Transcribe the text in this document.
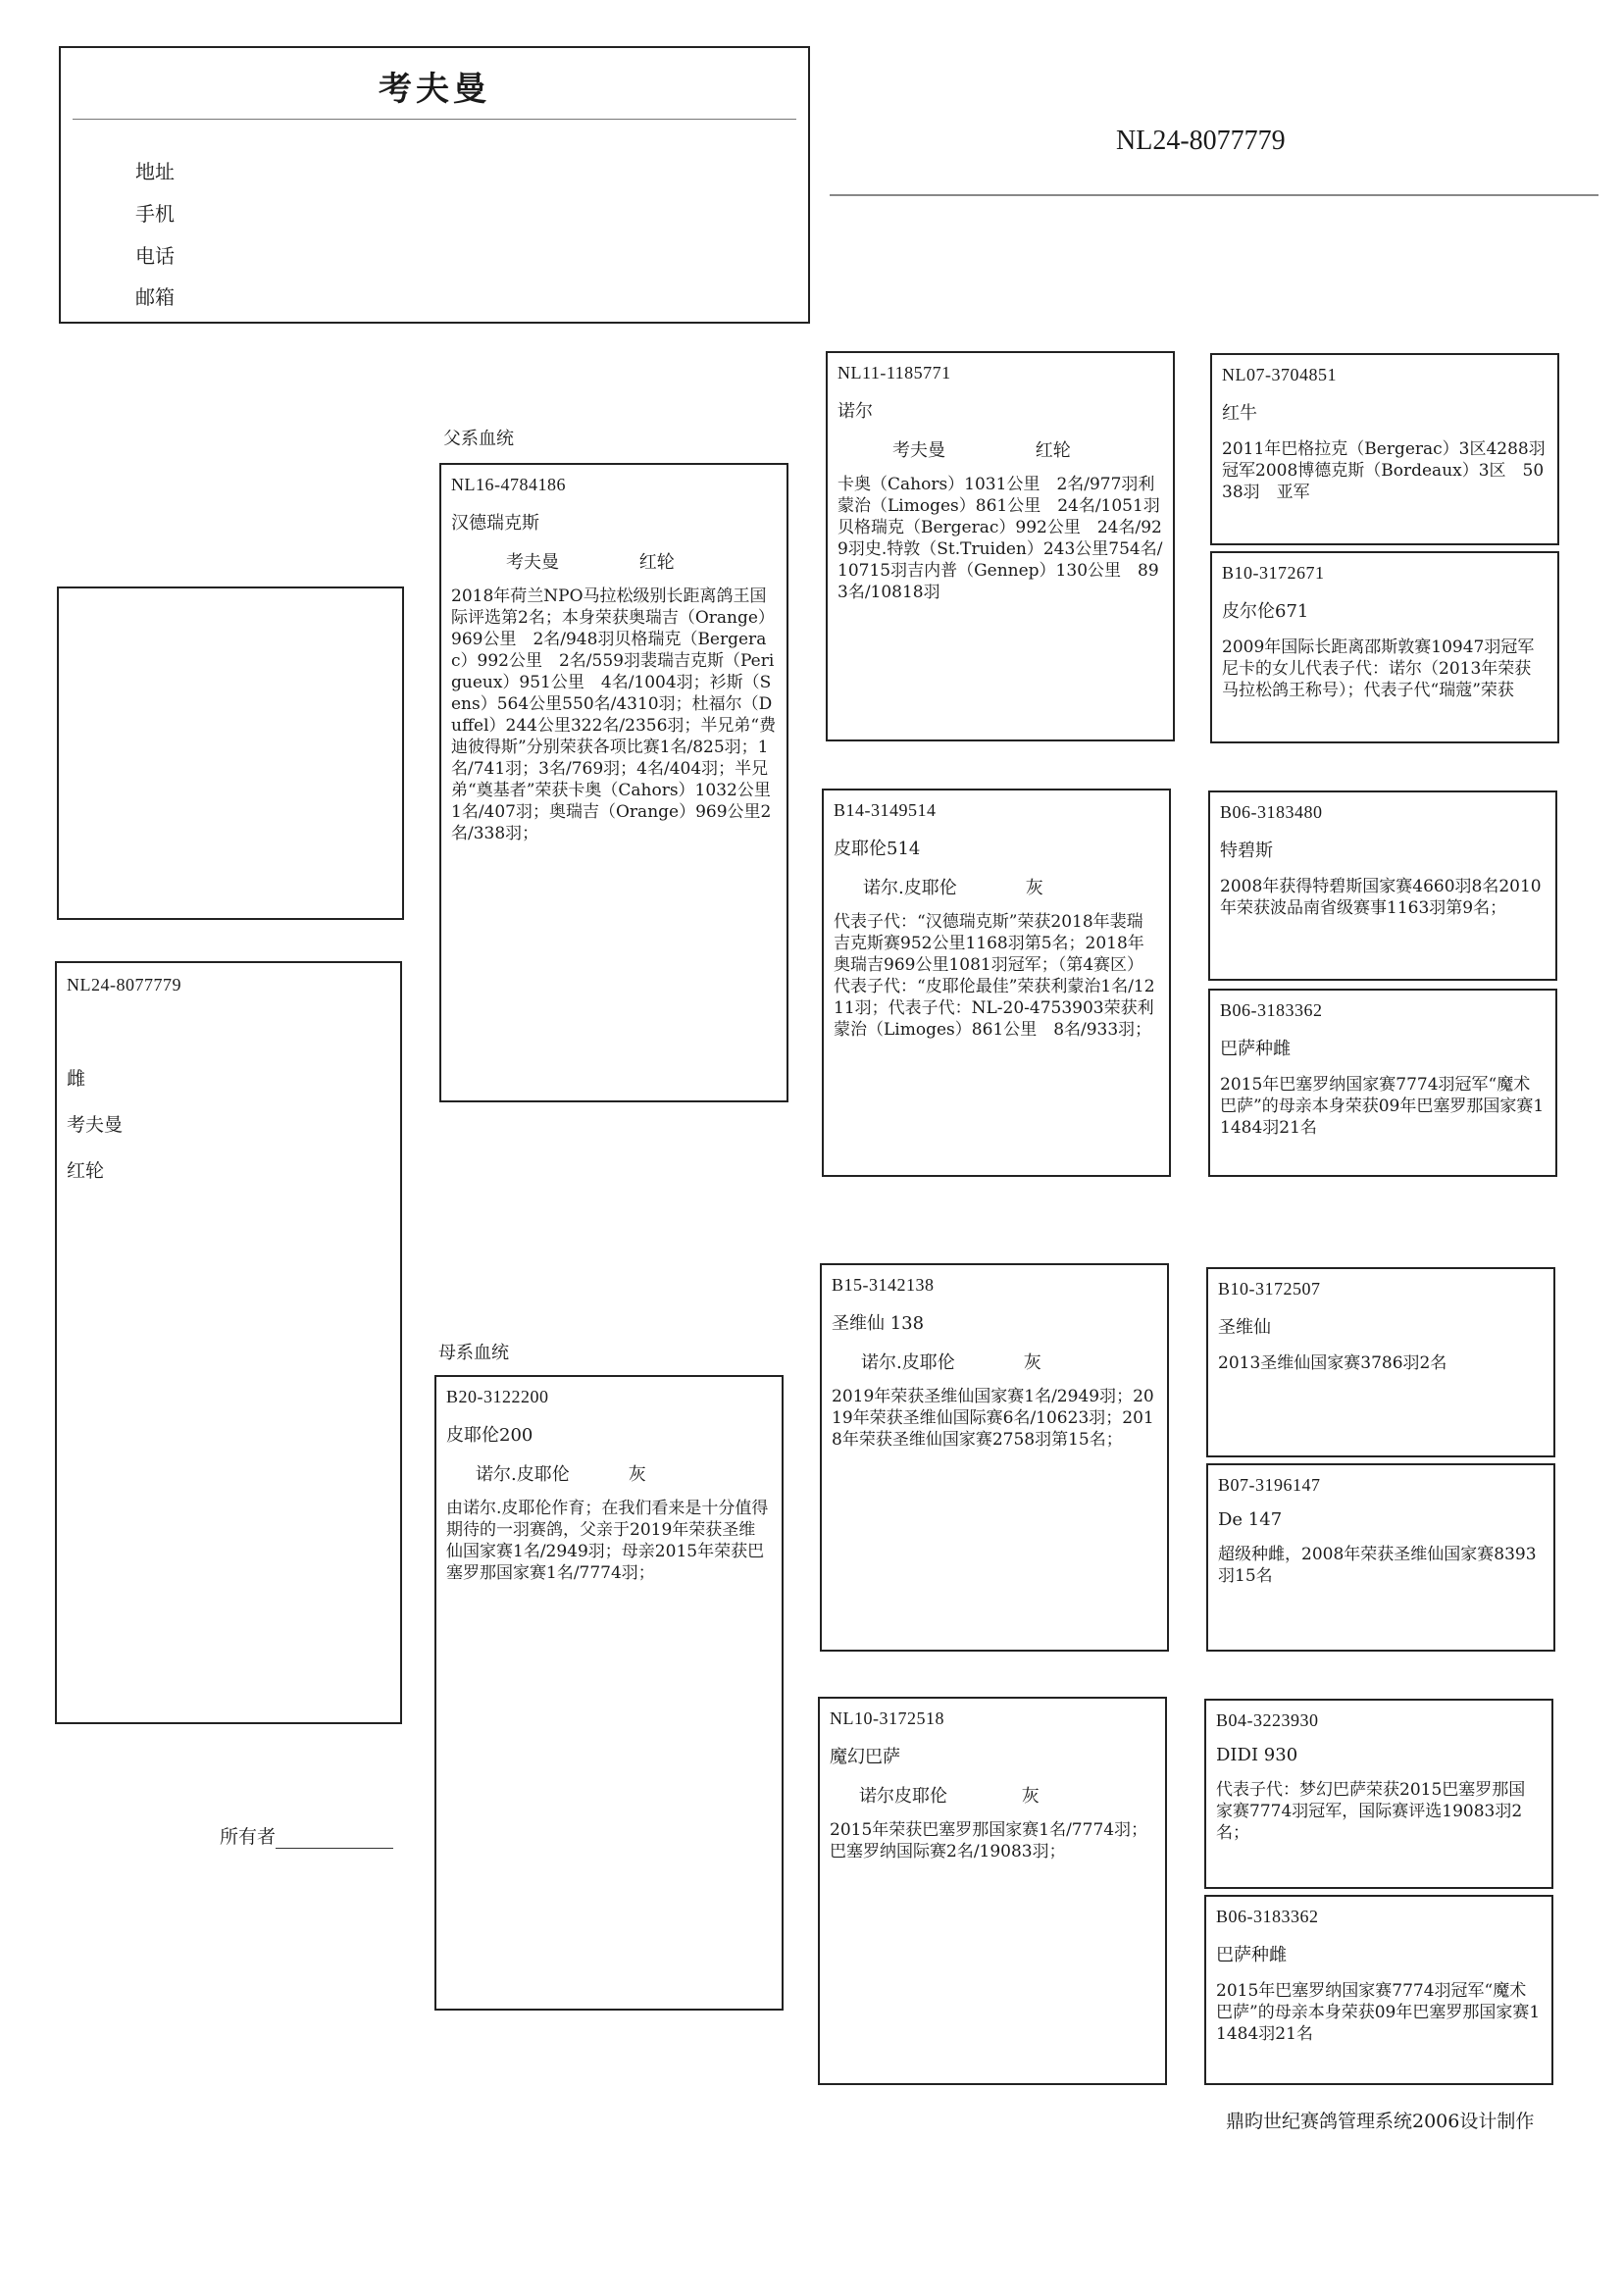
考夫曼
地址
手机
电话
邮箱
NL24-8077779
NL24-8077779
雌
考夫曼
红轮
所有者
父系血统
NL16-4784186
汉德瑞克斯
考夫曼	红轮

2018年荷兰NPO马拉松级别长距离鸽王国际评选第2名；本身荣获奥瑞吉（Orange）969公里　2名/948羽贝格瑞克（Bergerac）992公里　2名/559羽裴瑞吉克斯（Perigueux）951公里　4名/1004羽；衫斯（Sens）564公里550名/4310羽；杜福尔（Duffel）244公里322名/2356羽；半兄弟“费迪彼得斯”分别荣获各项比赛1名/825羽；1名/741羽；3名/769羽；4名/404羽；半兄弟“奠基者”荣获卡奥（Cahors）1032公里1名/407羽；奥瑞吉（Orange）969公里2名/338羽；

母系血统
B20-3122200
皮耶伦200
诺尔.皮耶伦	灰

由诺尔.皮耶伦作育；在我们看来是十分值得期待的一羽赛鸽，父亲于2019年荣获圣维仙国家赛1名/2949羽；母亲2015年荣获巴塞罗那国家赛1名/7774羽；

NL11-1185771
诺尔
考夫曼	红轮

卡奥（Cahors）1031公里　2名/977羽利蒙治（Limoges）861公里　24名/1051羽贝格瑞克（Bergerac）992公里　24名/929羽史.特敦（St.Truiden）243公里754名/10715羽吉内普（Gennep）130公里　893名/10818羽

B14-3149514
皮耶伦514
诺尔.皮耶伦	灰

代表子代：“汉德瑞克斯”荣获2018年裴瑞吉克斯赛952公里1168羽第5名；2018年奥瑞吉969公里1081羽冠军；（第4赛区）代表子代：“皮耶伦最佳”荣获利蒙治1名/1211羽；代表子代：NL-20-4753903荣获利蒙治（Limoges）861公里　8名/933羽；

B15-3142138
圣维仙 138
诺尔.皮耶伦	灰

2019年荣获圣维仙国家赛1名/2949羽；2019年荣获圣维仙国际赛6名/10623羽；2018年荣获圣维仙国家赛2758羽第15名；

NL10-3172518
魔幻巴萨
诺尔皮耶伦	灰

2015年荣获巴塞罗那国家赛1名/7774羽；巴塞罗纳国际赛2名/19083羽；

NL07-3704851
红牛

2011年巴格拉克（Bergerac）3区4288羽冠军2008博德克斯（Bordeaux）3区　5038羽　亚军

B10-3172671
皮尔伦671

2009年国际长距离邵斯敦赛10947羽冠军尼卡的女儿代表子代：诺尔（2013年荣获马拉松鸽王称号）；代表子代“瑞蔻”荣获

B06-3183480
特碧斯

2008年获得特碧斯国家赛4660羽8名2010年荣获波品南省级赛事1163羽第9名；

B06-3183362
巴萨种雌

2015年巴塞罗纳国家赛7774羽冠军“魔术巴萨”的母亲本身荣获09年巴塞罗那国家赛11484羽21名

B10-3172507
圣维仙

2013圣维仙国家赛3786羽2名

B07-3196147
De 147

超级种雌，2008年荣获圣维仙国家赛8393羽15名

B04-3223930
DIDI 930

代表子代：梦幻巴萨荣获2015巴塞罗那国家赛7774羽冠军，国际赛评选19083羽2名；

B06-3183362
巴萨种雌

2015年巴塞罗纳国家赛7774羽冠军“魔术巴萨”的母亲本身荣获09年巴塞罗那国家赛11484羽21名

鼎昀世纪赛鸽管理系统2006设计制作
